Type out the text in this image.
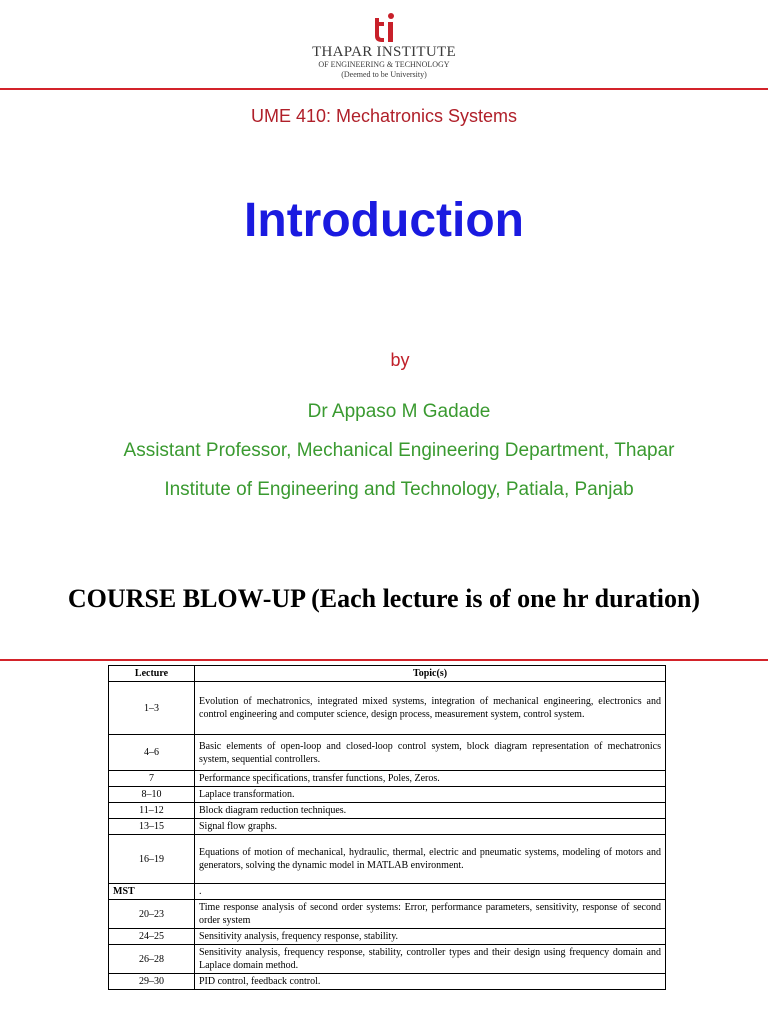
THAPAR INSTITUTE
OF ENGINEERING & TECHNOLOGY
(Deemed to be University)
UME 410: Mechatronics Systems
Introduction
by
Dr Appaso M Gadade
Assistant Professor, Mechanical Engineering Department, Thapar
Institute of Engineering and Technology, Patiala, Panjab
COURSE BLOW-UP (Each lecture is of one hr duration)
Lecture	Topic(s)
1–3	Evolution of mechatronics, integrated mixed systems, integration of mechanical engineering, electronics and control engineering and computer science, design process, measurement system, control system.
4–6	Basic elements of open-loop and closed-loop control system, block diagram representation of mechatronics system, sequential controllers.
7	Performance specifications, transfer functions, Poles, Zeros.
8–10	Laplace transformation.
11–12	Block diagram reduction techniques.
13–15	Signal flow graphs.
16–19	Equations of motion of mechanical, hydraulic, thermal, electric and pneumatic systems, modeling of motors and generators, solving the dynamic model in MATLAB environment.
MST	.
20–23	Time response analysis of second order systems: Error, performance parameters, sensitivity, response of second order system
24–25	Sensitivity analysis, frequency response, stability.
26–28	Sensitivity analysis, frequency response, stability, controller types and their design using frequency domain and Laplace domain method.
29–30	PID control, feedback control.
